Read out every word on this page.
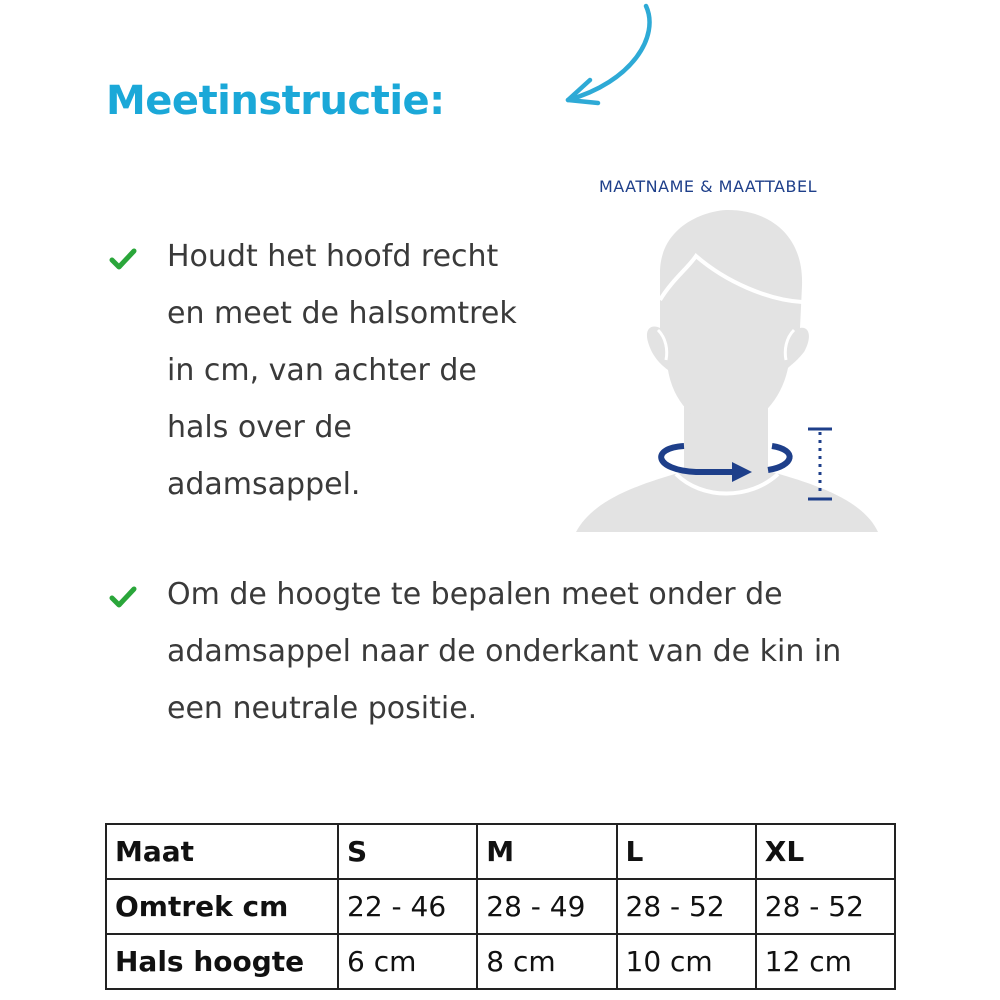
Meetinstructie:
MAATNAME & MAATTABEL

Houdt het hoofd recht
en meet de halsomtrek
in cm, van achter de
hals over de
adamsappel.

Om de hoogte te bepalen meet onder de
adamsappel naar de onderkant van de kin in
een neutrale positie.

Maat	S	M	L	XL
Omtrek cm	22 - 46	28 - 49	28 - 52	28 - 52
Hals hoogte	6 cm	8 cm	10 cm	12 cm
